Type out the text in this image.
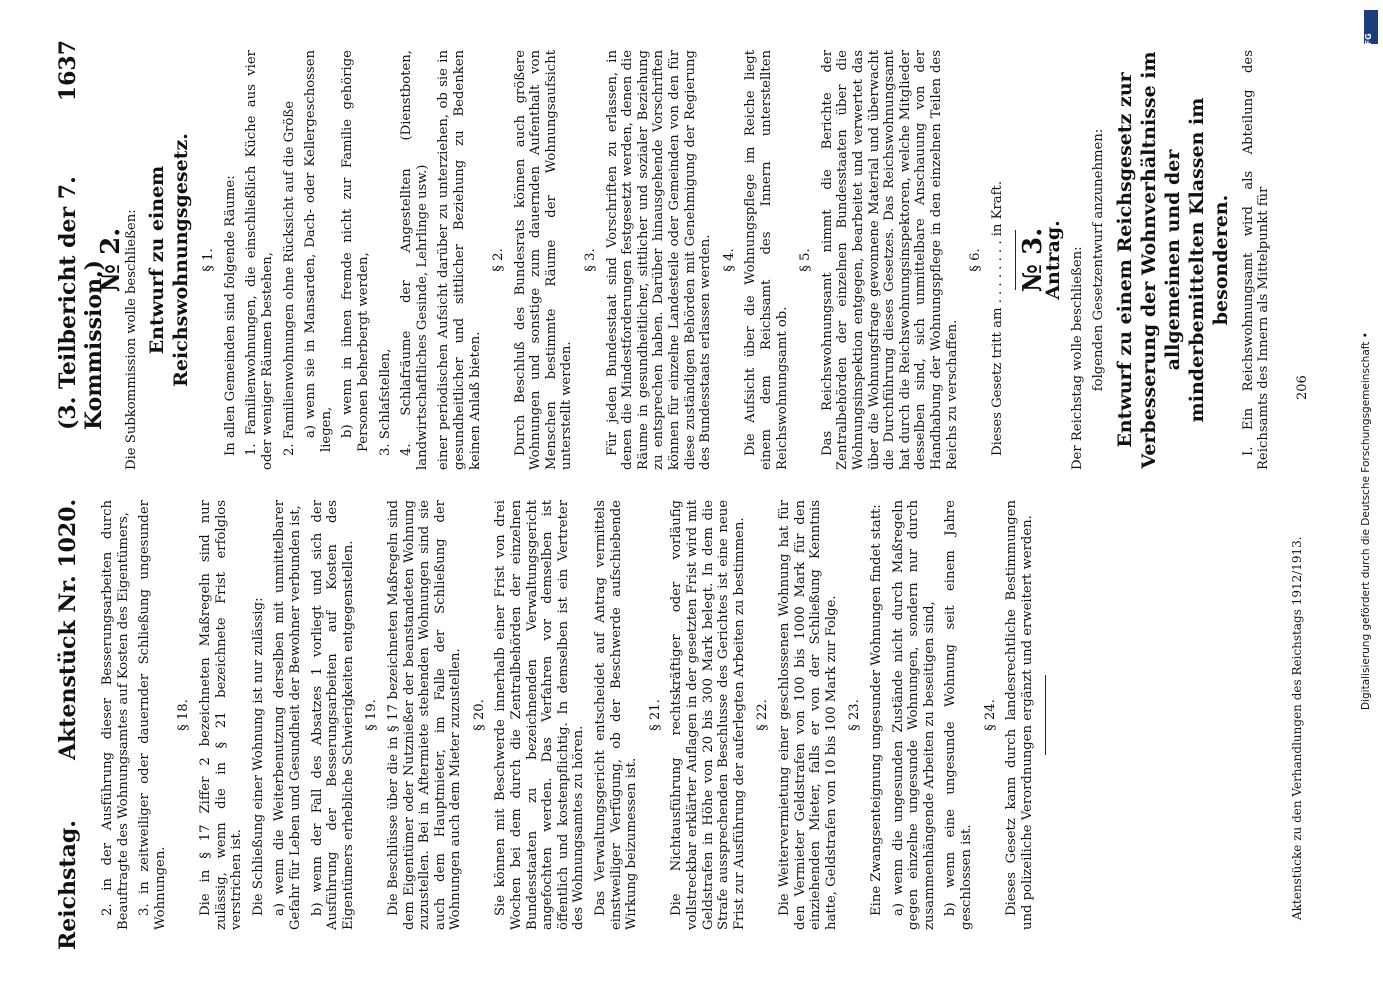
Reichstag.
Aktenstück Nr. 1020.
(3. Teilbericht der 7. Kommission.)
1637

2. in der Ausführung dieser Besserungsarbeiten durch Beauftragte des Wohnungsamtes auf Kosten des Eigentümers, 3. in zeitweiliger oder dauernder Schließung ungesunder Wohnungen.

§ 18. Die in § 17 Ziffer 2 bezeichneten Maßregeln sind nur zulässig, wenn die in § 21 bezeichnete Frist erfolglos verstrichen ist. Die Schließung einer Wohnung ist nur zulässig: a) wenn die Weiterbenutzung derselben mit unmittelbarer Gefahr für Leben und Gesundheit der Bewohner verbunden ist, b) wenn der Fall des Absatzes 1 vorliegt und sich der Ausführung der Besserungsarbeiten auf Kosten des Eigentümers erhebliche Schwierigkeiten entgegenstellen. § 19. Die Beschlüsse über die in § 17 bezeichneten Maßregeln sind dem Eigentümer oder Nutznießer der beanstandeten Wohnung zuzustellen. Bei in Aftermiete stehenden Wohnungen sind sie auch dem Hauptmieter, im Falle der Schließung der Wohnungen auch dem Mieter zuzustellen. § 20. Sie können mit Beschwerde innerhalb einer Frist von drei Wochen bei dem durch die Zentralbehörden der einzelnen Bundesstaaten zu bezeichnenden Verwaltungsgericht angefochten werden. Das Verfahren vor demselben ist öffentlich und kostenpflichtig. In demselben ist ein Vertreter des Wohnungsamtes zu hören. Das Verwaltungsgericht entscheidet auf Antrag vermittels einstweiliger Verfügung, ob der Beschwerde aufschiebende Wirkung beizumessen ist.

§ 21. Die Nichtausführung rechtskräftiger oder vorläufig vollstreckbar erklärter Auflagen in der gesetzten Frist wird mit Geldstrafen in Höhe von 20 bis 300 Mark belegt. In dem die Strafe aussprechenden Beschlusse des Gerichtes ist eine neue Frist zur Ausführung der auferlegten Arbeiten zu bestimmen. § 22. Die Weitervermietung einer geschlossenen Wohnung hat für den Vermieter Geldstrafen von 100 bis 1000 Mark für den einziehenden Mieter, falls er von der Schließung Kenntnis hatte, Geldstrafen von 10 bis 100 Mark zur Folge. § 23. Eine Zwangsenteignung ungesunder Wohnungen findet statt: a) wenn die ungesunden Zustände nicht durch Maßregeln gegen einzelne ungesunde Wohnungen, sondern nur durch zusammenhängende Arbeiten zu beseitigen sind, b) wenn eine ungesunde Wohnung seit einem Jahre geschlossen ist.

§ 24. Dieses Gesetz kann durch landesrechtliche Bestimmungen und polizeiliche Verordnungen ergänzt und erweitert werden.

№ 2.

Die Subkommission wolle beschließen: Entwurf zu einem Reichswohnungsgesetz. § 1. In allen Gemeinden sind folgende Räume: 1. Familienwohnungen, die einschließlich Küche aus vier oder weniger Räumen bestehen, 2. Familienwohnungen ohne Rücksicht auf die Größe a) wenn sie in Mansarden, Dach- oder Kellergeschossen liegen, b) wenn in ihnen fremde nicht zur Familie gehörige Personen beherbergt werden, 3. Schlafstellen, 4. Schlafräume der Angestellten (Dienstboten, landwirtschaftliches Gesinde, Lehrlinge usw.) einer periodischen Aufsicht darüber zu unterziehen, ob sie in gesundheitlicher und sittlicher Beziehung zu Bedenken keinen Anlaß bieten.

§ 2. Durch Beschluß des Bundesrats können auch größere Wohnungen und sonstige zum dauernden Aufenthalt von Menschen bestimmte Räume der Wohnungsaufsicht unterstellt werden.

§ 3. Für jeden Bundesstaat sind Vorschriften zu erlassen, in denen die Mindestforderungen festgesetzt werden, denen die Räume in gesundheitlicher, sittlicher und sozialer Beziehung zu entsprechen haben. Darüber hinausgehende Vorschriften können für einzelne Landesteile oder Gemeinden von den für diese zuständigen Behörden mit Genehmigung der Regierung des Bundesstaats erlassen werden. § 4. Die Aufsicht über die Wohnungspflege im Reiche liegt einem dem Reichsamt des Innern unterstellten Reichswohnungsamt ob.

§ 5. Das Reichswohnungsamt nimmt die Berichte der Zentralbehörden der einzelnen Bundesstaaten über die Wohnungsinspektion entgegen, bearbeitet und verwertet das über die Wohnungsfrage gewonnene Material und überwacht die Durchführung dieses Gesetzes. Das Reichswohnungsamt hat durch die Reichswohnungsinspektoren, welche Mitglieder desselben sind, sich unmittelbare Anschauung von der Handhabung der Wohnungspflege in den einzelnen Teilen des Reichs zu verschaffen.

§ 6. Dieses Gesetz tritt am . . . . . . . . in Kraft. № 3.
Antrag. Der Reichstag wolle beschließen: folgenden Gesetzentwurf anzunehmen: Entwurf zu einem Reichsgesetz zur Verbesserung der Wohnverhältnisse im allgemeinen und der minderbemittelten Klassen im besonderen. I. Ein Reichswohnungsamt wird als Abteilung des Reichsamts des Innern als Mittelpunkt für

Aktenstücke zu den Verhandlungen des Reichstags 1912/1913.
206	Digitalisierung gefördert durch die Deutsche Forschungsgemeinschaft •
DFG
